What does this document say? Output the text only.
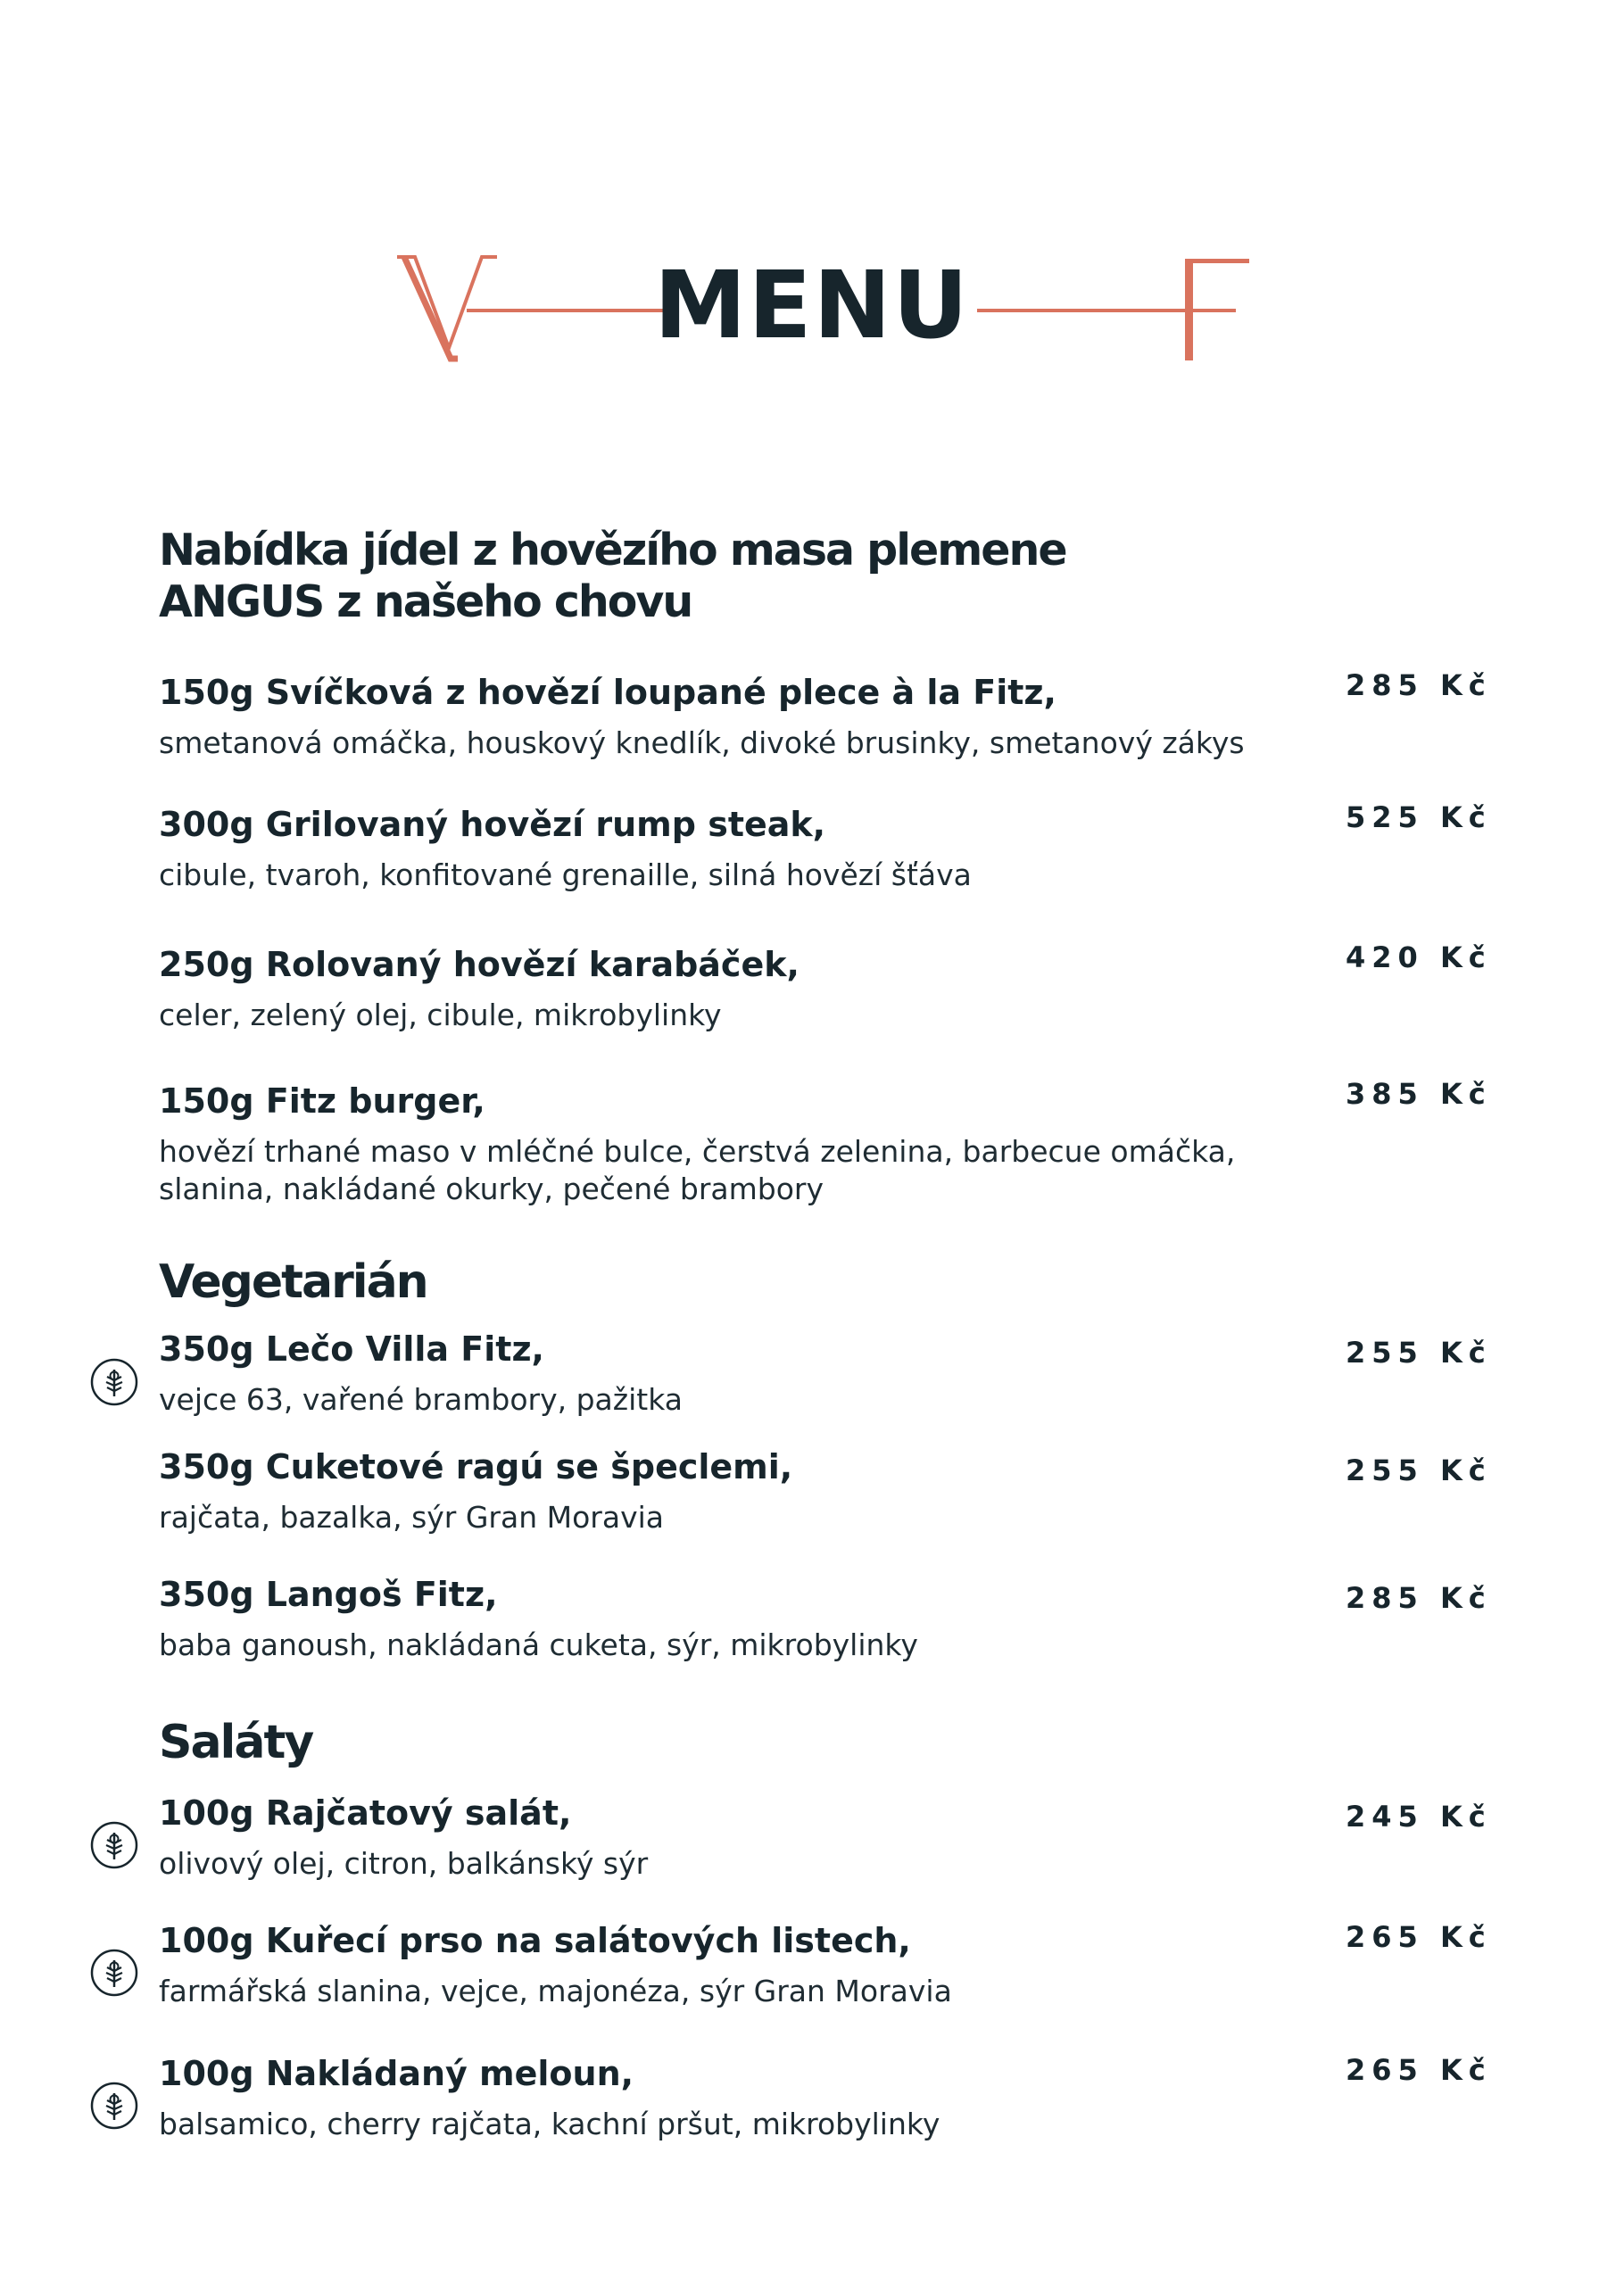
MENU
Nabídka jídel z hovězího masa plemene
ANGUS z našeho chovu
150g Svíčková z hovězí loupané plece à la Fitz,
smetanová omáčka, houskový knedlík, divoké brusinky, smetanový zákys
285 Kč
300g Grilovaný hovězí rump steak,
cibule, tvaroh, konfitované grenaille, silná hovězí šťáva
525 Kč
250g Rolovaný hovězí karabáček,
celer, zelený olej, cibule, mikrobylinky
420 Kč
150g Fitz burger,
hovězí trhané maso v mléčné bulce, čerstvá zelenina, barbecue omáčka,
slanina, nakládané okurky, pečené brambory
385 Kč
Vegetarián
350g Lečo Villa Fitz,
vejce 63, vařené brambory, pažitka
255 Kč
350g Cuketové ragú se špeclemi,
rajčata, bazalka, sýr Gran Moravia
255 Kč
350g Langoš Fitz,
baba ganoush, nakládaná cuketa, sýr, mikrobylinky
285 Kč
Saláty
100g Rajčatový salát,
olivový olej, citron, balkánský sýr
245 Kč
100g Kuřecí prso na salátových listech,
farmářská slanina, vejce, majonéza, sýr Gran Moravia
265 Kč
100g Nakládaný meloun,
balsamico, cherry rajčata, kachní pršut, mikrobylinky
265 Kč
